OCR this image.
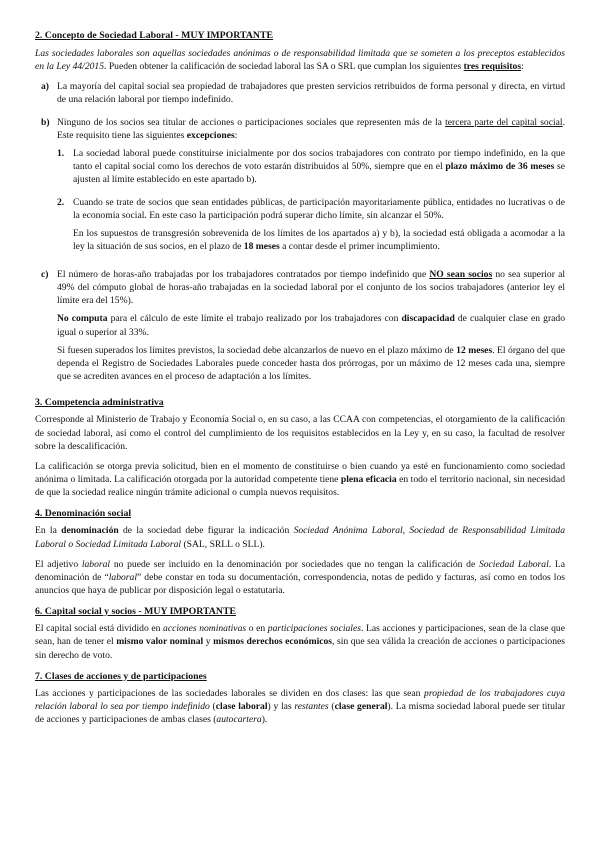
2. Concepto de Sociedad Laboral - MUY IMPORTANTE

Las sociedades laborales son aquellas sociedades anónimas o de responsabilidad limitada que se someten a los preceptos establecidos en la Ley 44/2015. Pueden obtener la calificación de sociedad laboral las SA o SRL que cumplan los siguientes tres requisitos:

a) La mayoría del capital social sea propiedad de trabajadores que presten servicios retribuidos de forma personal y directa, en virtud de una relación laboral por tiempo indefinido.

b) Ninguno de los socios sea titular de acciones o participaciones sociales que representen más de la tercera parte del capital social. Este requisito tiene las siguientes excepciones:

1. La sociedad laboral puede constituirse inicialmente por dos socios trabajadores con contrato por tiempo indefinido, en la que tanto el capital social como los derechos de voto estarán distribuidos al 50%, siempre que en el plazo máximo de 36 meses se ajusten al límite establecido en este apartado b).

2. Cuando se trate de socios que sean entidades públicas, de participación mayoritariamente pública, entidades no lucrativas o de la economía social. En este caso la participación podrá superar dicho límite, sin alcanzar el 50%.

En los supuestos de transgresión sobrevenida de los límites de los apartados a) y b), la sociedad está obligada a acomodar a la ley la situación de sus socios, en el plazo de 18 meses a contar desde el primer incumplimiento.

c) El número de horas-año trabajadas por los trabajadores contratados por tiempo indefinido que NO sean socios no sea superior al 49% del cómputo global de horas-año trabajadas en la sociedad laboral por el conjunto de los socios trabajadores (anterior ley el límite era del 15%).

No computa para el cálculo de este límite el trabajo realizado por los trabajadores con discapacidad de cualquier clase en grado igual o superior al 33%.

Si fuesen superados los límites previstos, la sociedad debe alcanzarlos de nuevo en el plazo máximo de 12 meses. El órgano del que dependa el Registro de Sociedades Laborales puede conceder hasta dos prórrogas, por un máximo de 12 meses cada una, siempre que se acrediten avances en el proceso de adaptación a los límites.

3. Competencia administrativa

Corresponde al Ministerio de Trabajo y Economía Social o, en su caso, a las CCAA con competencias, el otorgamiento de la calificación de sociedad laboral, así como el control del cumplimiento de los requisitos establecidos en la Ley y, en su caso, la facultad de resolver sobre la descalificación.

La calificación se otorga previa solicitud, bien en el momento de constituirse o bien cuando ya esté en funcionamiento como sociedad anónima o limitada. La calificación otorgada por la autoridad competente tiene plena eficacia en todo el territorio nacional, sin necesidad de que la sociedad realice ningún trámite adicional o cumpla nuevos requisitos.

4. Denominación social

En la denominación de la sociedad debe figurar la indicación Sociedad Anónima Laboral, Sociedad de Responsabilidad Limitada Laboral o Sociedad Limitada Laboral (SAL, SRLL o SLL).

El adjetivo laboral no puede ser incluido en la denominación por sociedades que no tengan la calificación de Sociedad Laboral. La denominación de “laboral” debe constar en toda su documentación, correspondencia, notas de pedido y facturas, así como en todos los anuncios que haya de publicar por disposición legal o estatutaria.

6. Capital social y socios - MUY IMPORTANTE

El capital social está dividido en acciones nominativas o en participaciones sociales. Las acciones y participaciones, sean de la clase que sean, han de tener el mismo valor nominal y mismos derechos económicos, sin que sea válida la creación de acciones o participaciones sin derecho de voto.

7. Clases de acciones y de participaciones

Las acciones y participaciones de las sociedades laborales se dividen en dos clases: las que sean propiedad de los trabajadores cuya relación laboral lo sea por tiempo indefinido (clase laboral) y las restantes (clase general). La misma sociedad laboral puede ser titular de acciones y participaciones de ambas clases (autocartera).
